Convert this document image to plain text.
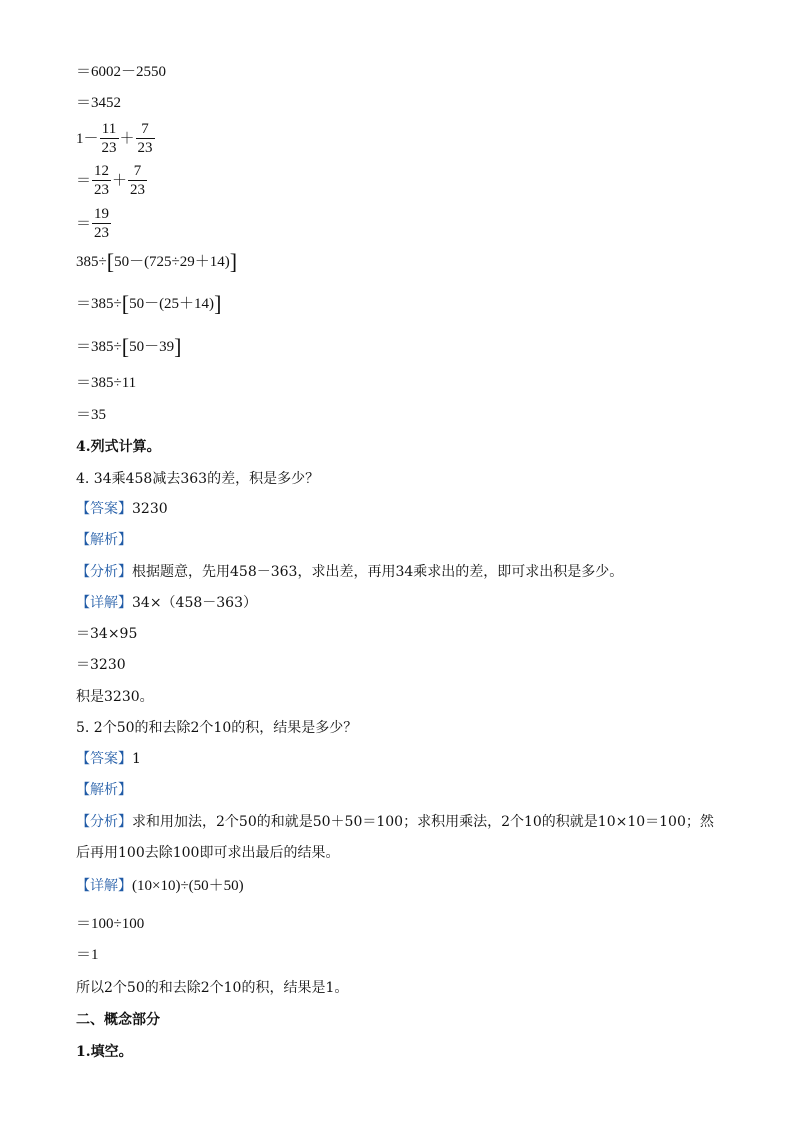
＝6002－2550
＝3452
$1- \frac{11}{23} + \frac{7}{23}$
＝ $\frac{12}{23} + \frac{7}{23}$
＝ $\frac{19}{23}$
385÷ [ 50－(725÷29＋14) ]
＝385÷ [ 50－(25＋14) ]
＝385÷ [ 50－39 ]
＝385÷11
＝35
4.列式计算。
4. 34乘458减去363的差，积是多少？
【答案】3230
【解析】
【分析】根据题意，先用458－363，求出差，再用34乘求出的差，即可求出积是多少。
【详解】34×（458－363）
＝34×95
＝3230
积是3230。
5. 2个50的和去除2个10的积，结果是多少？
【答案】1
【解析】
【分析】求和用加法，2个50的和就是50＋50＝100；求积用乘法，2个10的积就是10×10＝100；然
后再用100去除100即可求出最后的结果。
【详解】(10×10)÷(50＋50)
＝100÷100
＝1
所以2个50的和去除2个10的积，结果是1。
二、概念部分
1.填空。
